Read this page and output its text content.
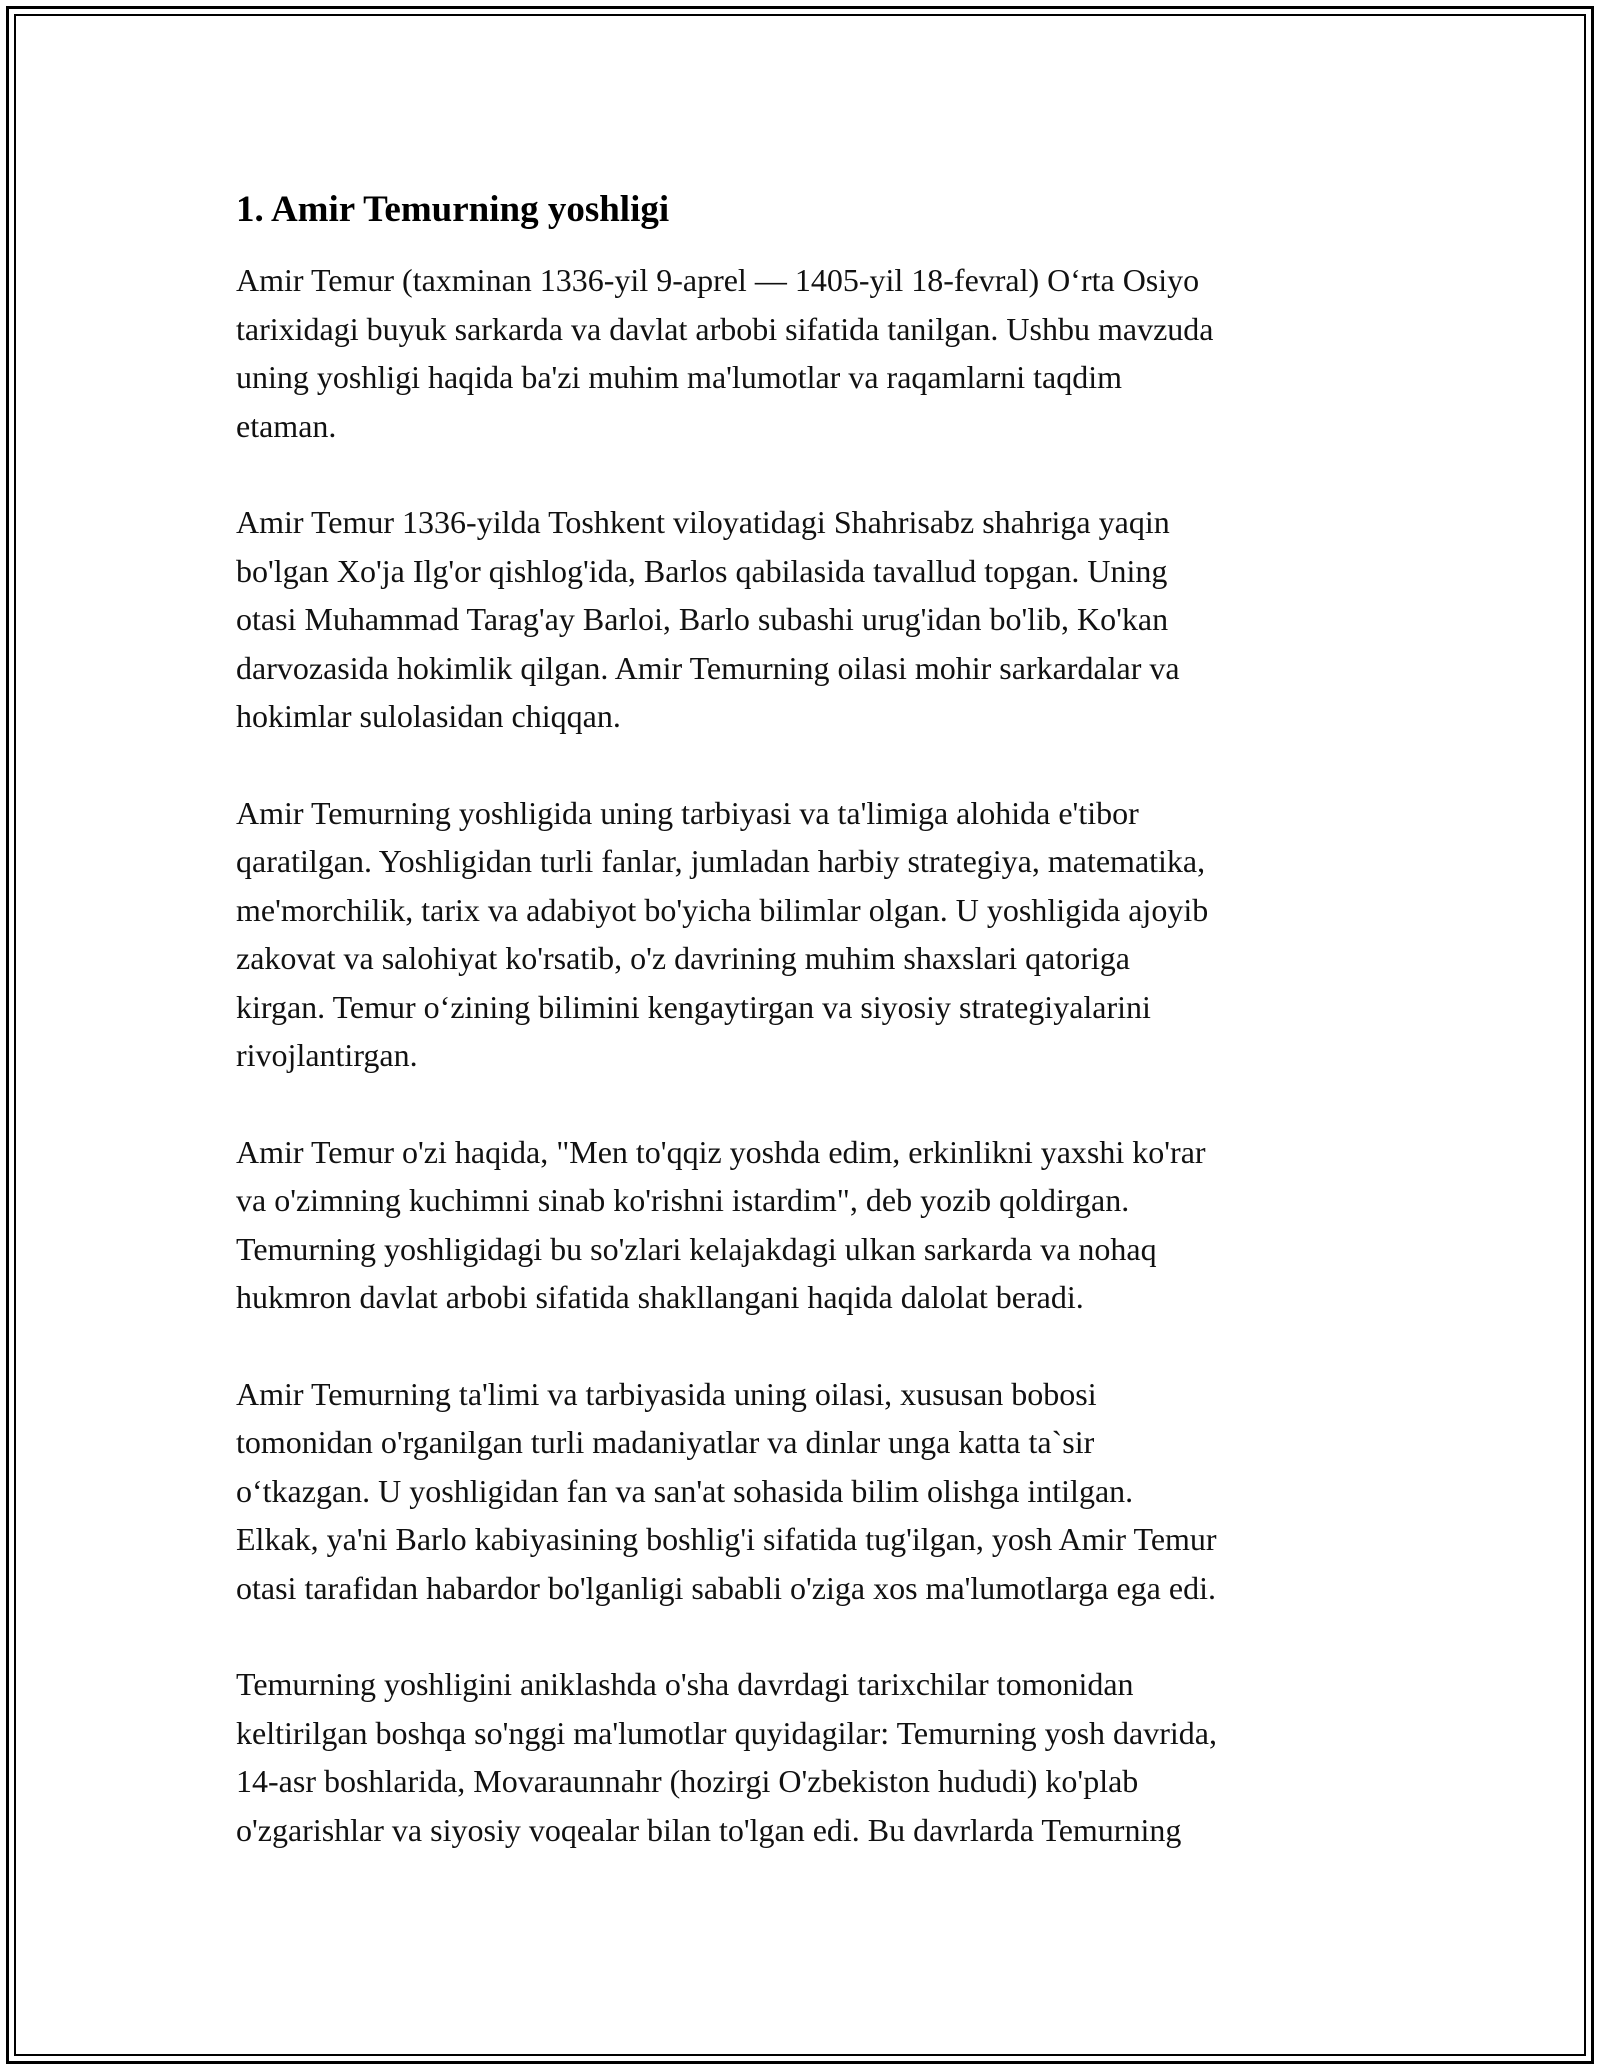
1. Amir Temurning yoshligi

Amir Temur (taxminan 1336-yil 9-aprel — 1405-yil 18-fevral) O‘rta Osiyo
tarixidagi buyuk sarkarda va davlat arbobi sifatida tanilgan. Ushbu mavzuda
uning yoshligi haqida ba'zi muhim ma'lumotlar va raqamlarni taqdim
etaman.

Amir Temur 1336-yilda Toshkent viloyatidagi Shahrisabz shahriga yaqin
bo'lgan Xo'ja Ilg'or qishlog'ida, Barlos qabilasida tavallud topgan. Uning
otasi Muhammad Tarag'ay Barloi, Barlo subashi urug'idan bo'lib, Ko'kan
darvozasida hokimlik qilgan. Amir Temurning oilasi mohir sarkardalar va
hokimlar sulolasidan chiqqan.

Amir Temurning yoshligida uning tarbiyasi va ta'limiga alohida e'tibor
qaratilgan. Yoshligidan turli fanlar, jumladan harbiy strategiya, matematika,
me'morchilik, tarix va adabiyot bo'yicha bilimlar olgan. U yoshligida ajoyib
zakovat va salohiyat ko'rsatib, o'z davrining muhim shaxslari qatoriga
kirgan. Temur o‘zining bilimini kengaytirgan va siyosiy strategiyalarini
rivojlantirgan.

Amir Temur o'zi haqida, "Men to'qqiz yoshda edim, erkinlikni yaxshi ko'rar
va o'zimning kuchimni sinab ko'rishni istardim", deb yozib qoldirgan.
Temurning yoshligidagi bu so'zlari kelajakdagi ulkan sarkarda va nohaq
hukmron davlat arbobi sifatida shakllangani haqida dalolat beradi.

Amir Temurning ta'limi va tarbiyasida uning oilasi, xususan bobosi
tomonidan o'rganilgan turli madaniyatlar va dinlar unga katta ta`sir
o‘tkazgan. U yoshligidan fan va san'at sohasida bilim olishga intilgan.
Elkak, ya'ni Barlo kabiyasining boshlig'i sifatida tug'ilgan, yosh Amir Temur
otasi tarafidan habardor bo'lganligi sababli o'ziga xos ma'lumotlarga ega edi.

Temurning yoshligini aniklashda o'sha davrdagi tarixchilar tomonidan
keltirilgan boshqa so'nggi ma'lumotlar quyidagilar: Temurning yosh davrida,
14-asr boshlarida, Movaraunnahr (hozirgi O'zbekiston hududi) ko'plab
o'zgarishlar va siyosiy voqealar bilan to'lgan edi. Bu davrlarda Temurning
